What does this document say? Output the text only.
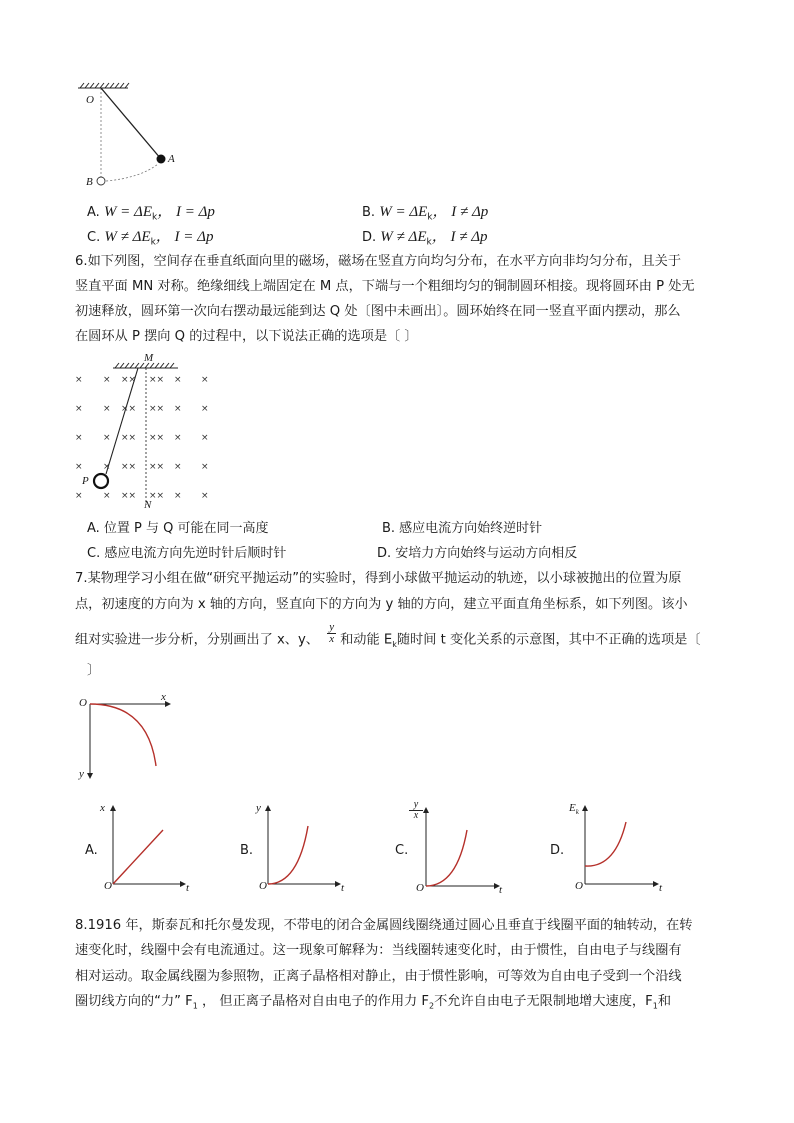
O
A
B
A. $W = \Delta E_k$， I = Δp	B. $W = \Delta E_k$， I ≠ Δp
C. $W \ne \Delta E_k$， I = Δp	D. $W \ne \Delta E_k$， I ≠ Δp
6.如下列图，空间存在垂直纸面向里的磁场，磁场在竖直方向均匀分布，在水平方向非均匀分布，且关于
竖直平面 MN 对称。绝缘细线上端固定在 M 点，下端与一个粗细均匀的铜制圆环相接。现将圆环由 P 处无
初速释放，圆环第一次向右摆动最远能到达 Q 处〔图中未画出〕。圆环始终在同一竖直平面内摆动，那么
在圆环从 P 摆向 Q 的过程中，以下说法正确的选项是〔 〕
× × ×× ×× × ×
× × ×× ×× × ×
× × ×× ×× × ×
× × ×× ×× × ×
× × ×× ×× × ×
M
N
P
A. 位置 P 与 Q 可能在同一高度	B. 感应电流方向始终逆时针
C. 感应电流方向先逆时针后顺时针	D. 安培力方向始终与运动方向相反
7.某物理学习小组在做“研究平抛运动”的实验时，得到小球做平抛运动的轨迹，以小球被抛出的位置为原
点，初速度的方向为 x 轴的方向，竖直向下的方向为 y 轴的方向，建立平面直角坐标系，如下列图。该小
组对实验进一步分析，分别画出了 x、y、 $\frac{y}{x}$ 和动能 $E_k$随时间 t 变化关系的示意图，其中不正确的选项是〔
〕
O	x
y
A.
x
O	t
B.
y
O	t
C.
y
x
O	t
D.
$E_k$
O	t
8.1916 年，斯泰瓦和托尔曼发现，不带电的闭合金属圆线圈绕通过圆心且垂直于线圈平面的轴转动，在转
速变化时，线圈中会有电流通过。这一现象可解释为：当线圈转速变化时，由于惯性，自由电子与线圈有
相对运动。取金属线圈为参照物，正离子晶格相对静止，由于惯性影响，可等效为自由电子受到一个沿线
圈切线方向的“力” $F_1$ ， 但正离子晶格对自由电子的作用力 $F_2$不允许自由电子无限制地增大速度，$F_1$和
